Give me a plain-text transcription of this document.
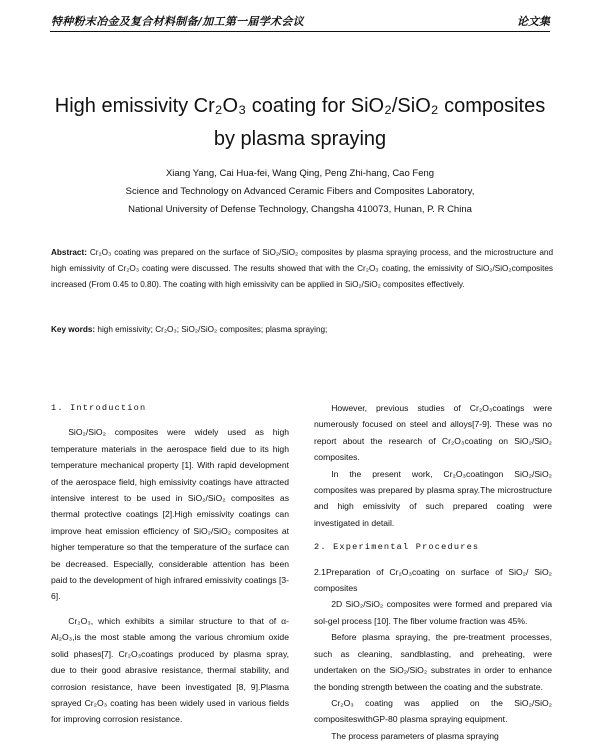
特种粉末冶金及复合材料制备/加工第一届学术会议	论文集
High emissivity Cr₂O₃ coating for SiO₂/SiO₂ composites
by plasma spraying
Xiang Yang, Cai Hua-fei, Wang Qing, Peng Zhi-hang, Cao Feng
Science and Technology on Advanced Ceramic Fibers and Composites Laboratory,
National University of Defense Technology, Changsha 410073, Hunan, P. R China
Abstract: Cr₂O₃ coating was prepared on the surface of SiO₂/SiO₂ composites by plasma spraying process, and the microstructure and high emissivity of Cr₂O₃ coating were discussed. The results showed that with the Cr₂O₃ coating, the emissivity of SiO₂/SiO₂composites increased (From 0.45 to 0.80). The coating with high emissivity can be applied in SiO₂/SiO₂ composites effectively.
Key words: high emissivity; Cr₂O₃; SiO₂/SiO₂ composites; plasma spraying;
1. Introduction

SiO₂/SiO₂ composites were widely used as high temperature materials in the aerospace field due to its high temperature mechanical property [1]. With rapid development of the aerospace field, high emissivity coatings have attracted intensive interest to be used in SiO₂/SiO₂ composites as thermal protective coatings [2].High emissivity coatings can improve heat emission efficiency of SiO₂/SiO₂ composites at higher temperature so that the temperature of the surface can be decreased. Especially, considerable attention has been paid to the development of high infrared emissivity coatings [3-6].

Cr₂O₃, which exhibits a similar structure to that of α-Al₂O₃,is the most stable among the various chromium oxide solid phases[7]. Cr₂O₃coatings produced by plasma spray, due to their good abrasive resistance, thermal stability, and corrosion resistance, have been investigated [8, 9].Plasma sprayed Cr₂O₃ coating has been widely used in various fields for improving corrosion resistance.

However, previous studies of Cr₂O₃coatings were numerously focused on steel and alloys[7-9]. These was no report about the research of Cr₂O₃coating on SiO₂/SiO₂ composites.

In the present work, Cr₂O₃coatingon SiO₂/SiO₂ composites was prepared by plasma spray.The microstructure and high emissivity of such prepared coating were investigated in detail.

2. Experimental Procedures
2.1Preparation of Cr₂O₃coating on surface of SiO₂/ SiO₂ composites

2D SiO₂/SiO₂ composites were formed and prepared via sol-gel process [10]. The fiber volume fraction was 45%.

Before plasma spraying, the pre-treatment processes, such as cleaning, sandblasting, and preheating, were undertaken on the SiO₂/SiO₂ substrates in order to enhance the bonding strength between the coating and the substrate.

Cr₂O₃ coating was applied on the SiO₂/SiO₂ compositeswithGP-80 plasma spraying equipment.

The process parameters of plasma spraying
